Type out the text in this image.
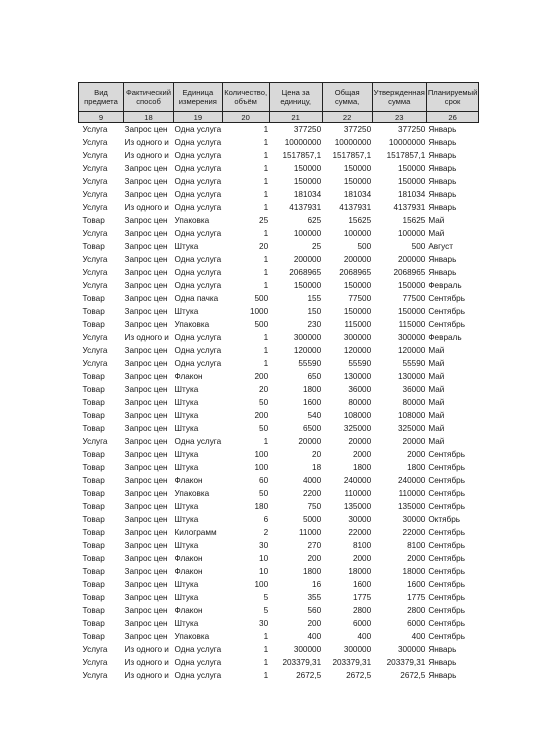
Вид предмета	Фактический способ	Единица измерения	Количество, объём	Цена за единицу,	Общая сумма,	Утвержденная сумма	Планируемый срок
9	18	19	20	21	22	23	26
Услуга	Запрос цен	Одна услуга	1	377250	377250	377250	Январь
Услуга	Из одного и	Одна услуга	1	10000000	10000000	10000000	Январь
Услуга	Из одного и	Одна услуга	1	1517857,1	1517857,1	1517857,1	Январь
Услуга	Запрос цен	Одна услуга	1	150000	150000	150000	Январь
Услуга	Запрос цен	Одна услуга	1	150000	150000	150000	Январь
Услуга	Запрос цен	Одна услуга	1	181034	181034	181034	Январь
Услуга	Из одного и	Одна услуга	1	4137931	4137931	4137931	Январь
Товар	Запрос цен	Упаковка	25	625	15625	15625	Май
Услуга	Запрос цен	Одна услуга	1	100000	100000	100000	Май
Товар	Запрос цен	Штука	20	25	500	500	Август
Услуга	Запрос цен	Одна услуга	1	200000	200000	200000	Январь
Услуга	Запрос цен	Одна услуга	1	2068965	2068965	2068965	Январь
Услуга	Запрос цен	Одна услуга	1	150000	150000	150000	Февраль
Товар	Запрос цен	Одна пачка	500	155	77500	77500	Сентябрь
Товар	Запрос цен	Штука	1000	150	150000	150000	Сентябрь
Товар	Запрос цен	Упаковка	500	230	115000	115000	Сентябрь
Услуга	Из одного и	Одна услуга	1	300000	300000	300000	Февраль
Услуга	Запрос цен	Одна услуга	1	120000	120000	120000	Май
Услуга	Запрос цен	Одна услуга	1	55590	55590	55590	Май
Товар	Запрос цен	Флакон	200	650	130000	130000	Май
Товар	Запрос цен	Штука	20	1800	36000	36000	Май
Товар	Запрос цен	Штука	50	1600	80000	80000	Май
Товар	Запрос цен	Штука	200	540	108000	108000	Май
Товар	Запрос цен	Штука	50	6500	325000	325000	Май
Услуга	Запрос цен	Одна услуга	1	20000	20000	20000	Май
Товар	Запрос цен	Штука	100	20	2000	2000	Сентябрь
Товар	Запрос цен	Штука	100	18	1800	1800	Сентябрь
Товар	Запрос цен	Флакон	60	4000	240000	240000	Сентябрь
Товар	Запрос цен	Упаковка	50	2200	110000	110000	Сентябрь
Товар	Запрос цен	Штука	180	750	135000	135000	Сентябрь
Товар	Запрос цен	Штука	6	5000	30000	30000	Октябрь
Товар	Запрос цен	Килограмм	2	11000	22000	22000	Сентябрь
Товар	Запрос цен	Штука	30	270	8100	8100	Сентябрь
Товар	Запрос цен	Флакон	10	200	2000	2000	Сентябрь
Товар	Запрос цен	Флакон	10	1800	18000	18000	Сентябрь
Товар	Запрос цен	Штука	100	16	1600	1600	Сентябрь
Товар	Запрос цен	Штука	5	355	1775	1775	Сентябрь
Товар	Запрос цен	Флакон	5	560	2800	2800	Сентябрь
Товар	Запрос цен	Штука	30	200	6000	6000	Сентябрь
Товар	Запрос цен	Упаковка	1	400	400	400	Сентябрь
Услуга	Из одного и	Одна услуга	1	300000	300000	300000	Январь
Услуга	Из одного и	Одна услуга	1	203379,31	203379,31	203379,31	Январь
Услуга	Из одного и	Одна услуга	1	2672,5	2672,5	2672,5	Январь
